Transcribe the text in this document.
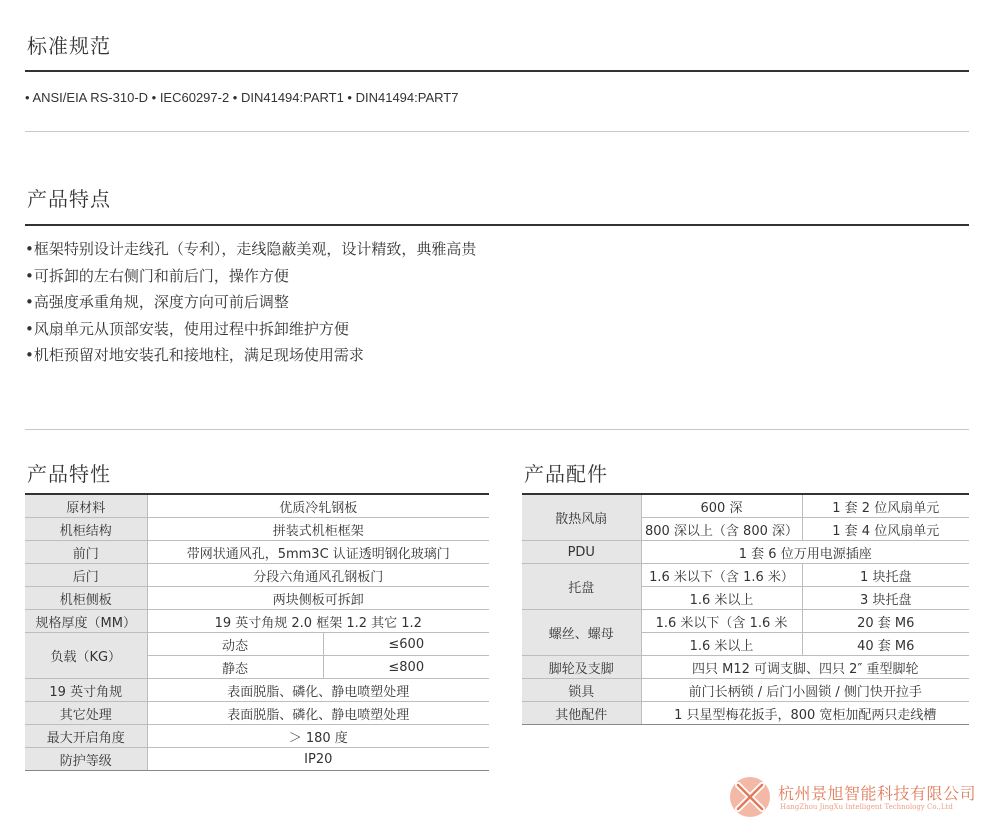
标准规范
• ANSI/EIA RS-310-D • IEC60297-2 • DIN41494:PART1 • DIN41494:PART7
产品特点
•框架特别设计走线孔（专利），走线隐蔽美观，设计精致，典雅高贵
•可拆卸的左右侧门和前后门，操作方便
•高强度承重角规，深度方向可前后调整
•风扇单元从顶部安装，使用过程中拆卸维护方便
•机柜预留对地安装孔和接地柱，满足现场使用需求
产品特性
原材料	优质冷轧钢板	
机柜结构	拼装式机柜框架	
前门	带网状通风孔，5mm3C 认证透明钢化玻璃门	
后门	分段六角通风孔钢板门	
机柜侧板	两块侧板可拆卸	
规格厚度（MM）	19 英寸角规 2.0 框架 1.2 其它 1.2	
负载（KG）	动态	≤600
	静态	≤800
19 英寸角规	表面脱脂、磷化、静电喷塑处理	
其它处理	表面脱脂、磷化、静电喷塑处理	
最大开启角度	＞ 180 度	
防护等级	IP20	
产品配件
散热风扇	600 深	1 套 2 位风扇单元
	800 深以上（含 800 深）	1 套 4 位风扇单元
PDU	1 套 6 位万用电源插座	
托盘	1.6 米以下（含 1.6 米）	1 块托盘
	1.6 米以上	3 块托盘
螺丝、螺母	1.6 米以下（含 1.6 米	20 套 M6
	1.6 米以上	40 套 M6
脚轮及支脚	四只 M12 可调支脚、四只 2″ 重型脚轮	
锁具	前门长柄锁 / 后门小圆锁 / 侧门快开拉手	
其他配件	1 只星型梅花扳手，800 宽柜加配两只走线槽	
杭州景旭智能科技有限公司
HangZhou JingXu Intelligent Technology Co.,Ltd
